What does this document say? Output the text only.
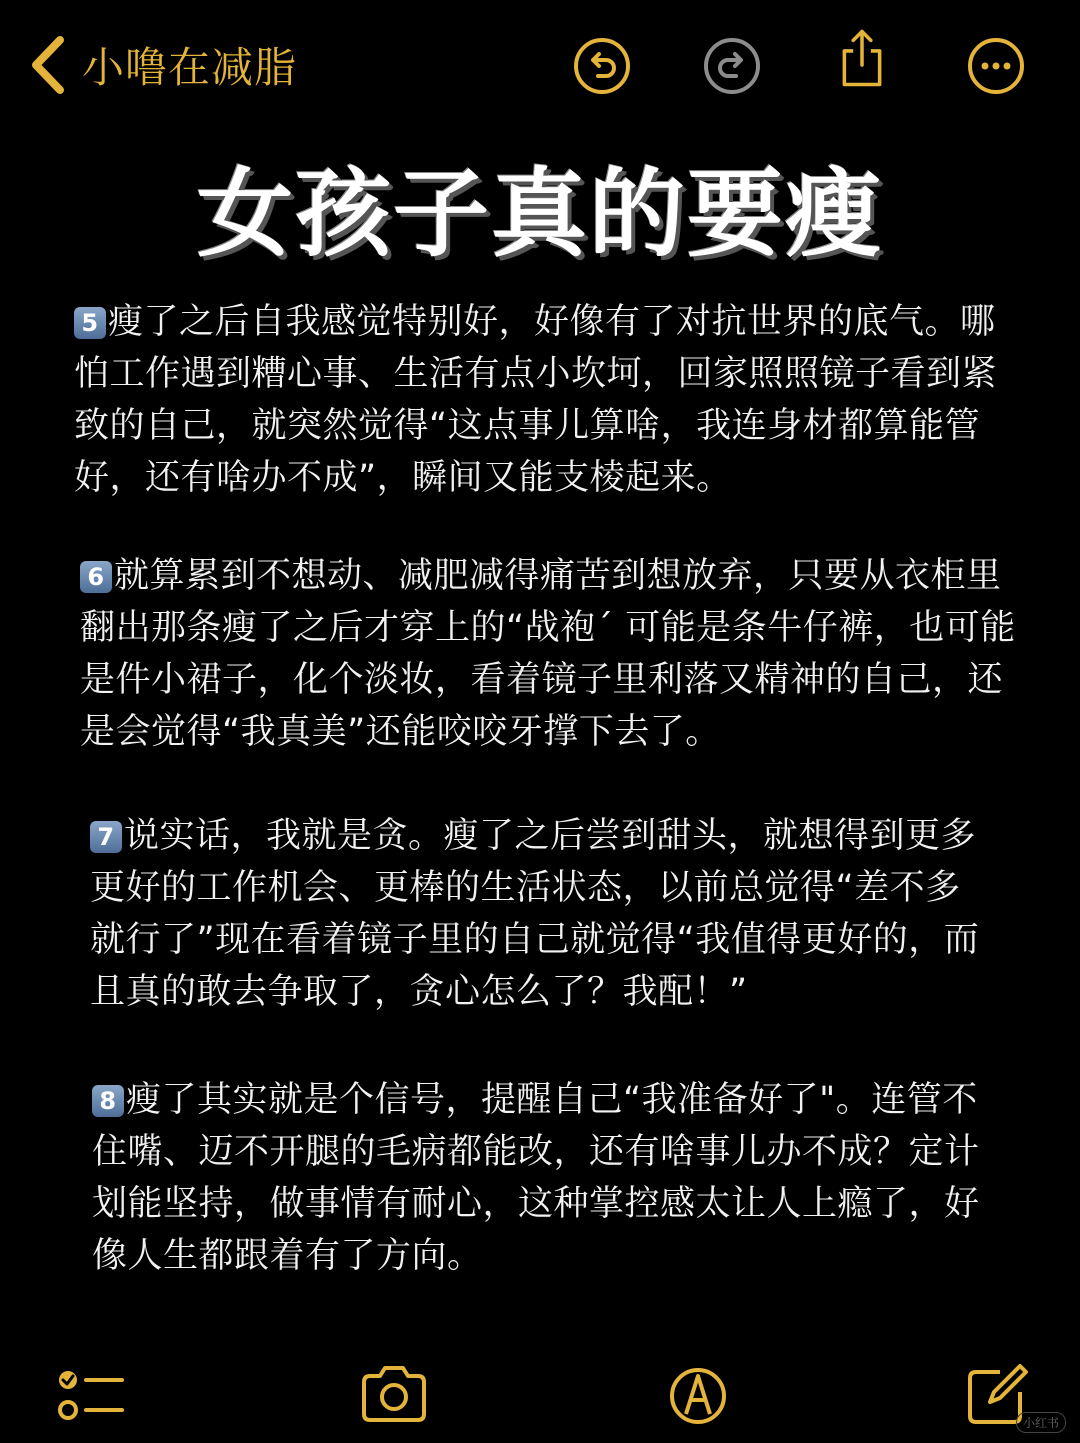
小噜在减脂
女孩子真的要瘦
5 瘦了之后自我感觉特别好，好像有了对抗世界的底气。哪怕工作遇到糟心事、生活有点小坎坷，回家照照镜子看到紧致的自己，就突然觉得“这点事儿算啥，我连身材都算能管好，还有啥办不成”，瞬间又能支棱起来。
6 就算累到不想动、减肥减得痛苦到想放弃，只要从衣柜里翻出那条瘦了之后才穿上的“战袍´ 可能是条牛仔裤，也可能是件小裙子，化个淡妆，看着镜子里利落又精神的自己，还是会觉得“我真美”还能咬咬牙撑下去了。
7 说实话，我就是贪。瘦了之后尝到甜头，就想得到更多更好的工作机会、更棒的生活状态，以前总觉得“差不多就行了”现在看着镜子里的自己就觉得“我值得更好的，而且真的敢去争取了，贪心怎么了？我配！”
8 瘦了其实就是个信号，提醒自己“我准备好了"。连管不住嘴、迈不开腿的毛病都能改，还有啥事儿办不成？定计划能坚持，做事情有耐心，这种掌控感太让人上瘾了，好像人生都跟着有了方向。
小红书
